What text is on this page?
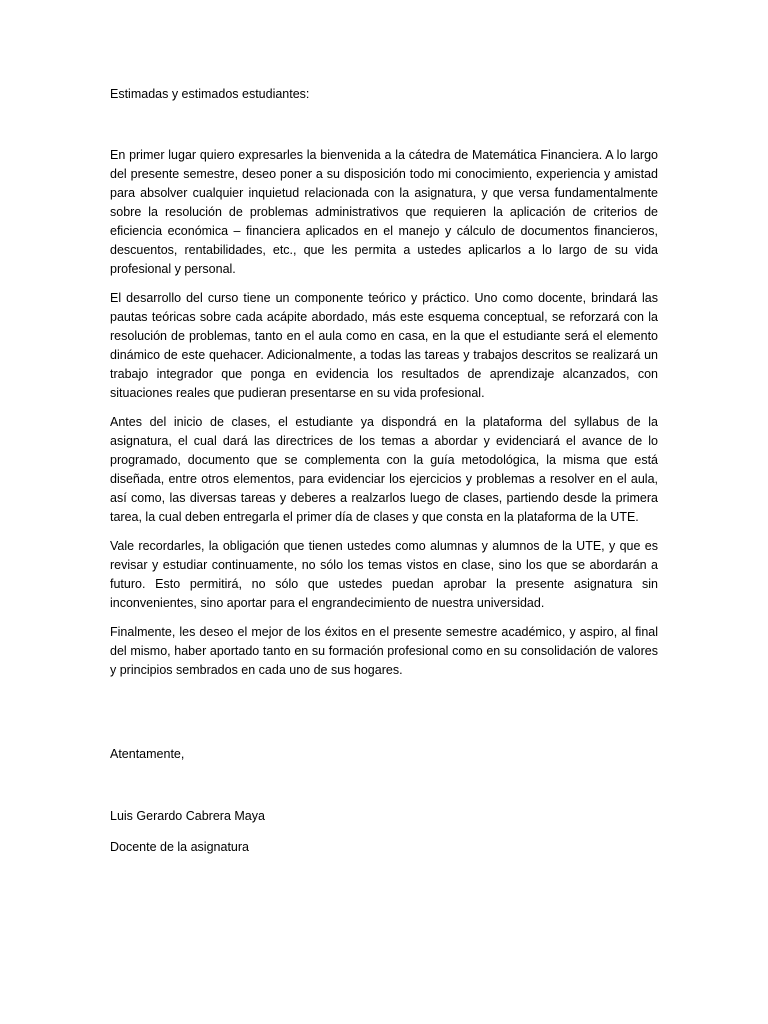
Estimadas y estimados estudiantes:

En primer lugar quiero expresarles la bienvenida a la cátedra de Matemática Financiera. A lo largo del presente semestre, deseo poner a su disposición todo mi conocimiento, experiencia y amistad para absolver cualquier inquietud relacionada con la asignatura, y que versa fundamentalmente sobre la resolución de problemas administrativos que requieren la aplicación de criterios de eficiencia económica – financiera aplicados en el manejo y cálculo de documentos financieros, descuentos, rentabilidades, etc., que les permita a ustedes aplicarlos a lo largo de su vida profesional y personal.

El desarrollo del curso tiene un componente teórico y práctico. Uno como docente, brindará las pautas teóricas sobre cada acápite abordado, más este esquema conceptual, se reforzará con la resolución de problemas, tanto en el aula como en casa, en la que el estudiante será el elemento dinámico de este quehacer. Adicionalmente, a todas las tareas y trabajos descritos se realizará un trabajo integrador que ponga en evidencia los resultados de aprendizaje alcanzados, con situaciones reales que pudieran presentarse en su vida profesional.

Antes del inicio de clases, el estudiante ya dispondrá en la plataforma del syllabus de la asignatura, el cual dará las directrices de los temas a abordar y evidenciará el avance de lo programado, documento que se complementa con la guía metodológica, la misma que está diseñada, entre otros elementos, para evidenciar los ejercicios y problemas a resolver en el aula, así como, las diversas tareas y deberes a realzarlos luego de clases, partiendo desde la primera tarea, la cual deben entregarla el primer día de clases y que consta en la plataforma de la UTE.

Vale recordarles, la obligación que tienen ustedes como alumnas y alumnos de la UTE, y que es revisar y estudiar continuamente, no sólo los temas vistos en clase, sino los que se abordarán a futuro. Esto permitirá, no sólo que ustedes puedan aprobar la presente asignatura sin inconvenientes, sino aportar para el engrandecimiento de nuestra universidad.

Finalmente, les deseo el mejor de los éxitos en el presente semestre académico, y aspiro, al final del mismo, haber aportado tanto en su formación profesional como en su consolidación de valores y principios sembrados en cada uno de sus hogares.

Atentamente,

Luis Gerardo Cabrera Maya

Docente de la asignatura
